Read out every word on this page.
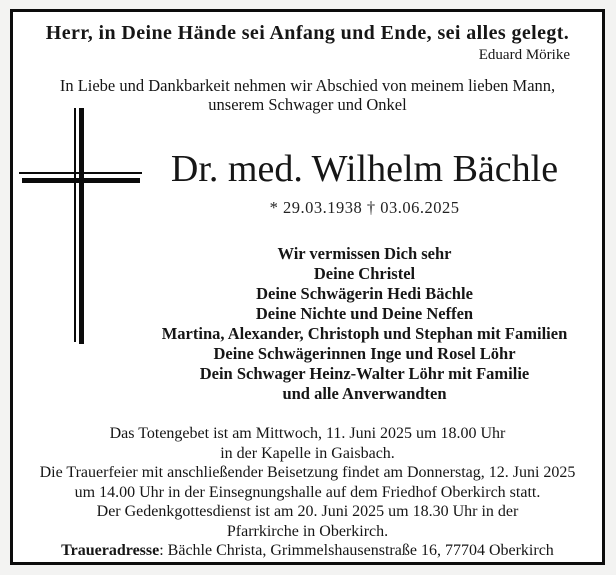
Herr, in Deine Hände sei Anfang und Ende, sei alles gelegt.
Eduard Mörike
In Liebe und Dankbarkeit nehmen wir Abschied von meinem lieben Mann,
unserem Schwager und Onkel
Dr. med. Wilhelm Bächle
* 29.03.1938 † 03.06.2025
Wir vermissen Dich sehr
Deine Christel
Deine Schwägerin Hedi Bächle
Deine Nichte und Deine Neffen
Martina, Alexander, Christoph und Stephan mit Familien
Deine Schwägerinnen Inge und Rosel Löhr
Dein Schwager Heinz-Walter Löhr mit Familie
und alle Anverwandten
Das Totengebet ist am Mittwoch, 11. Juni 2025 um 18.00 Uhr
in der Kapelle in Gaisbach.
Die Trauerfeier mit anschließender Beisetzung findet am Donnerstag, 12. Juni 2025
um 14.00 Uhr in der Einsegnungshalle auf dem Friedhof Oberkirch statt.
Der Gedenkgottesdienst ist am 20. Juni 2025 um 18.30 Uhr in der
Pfarrkirche in Oberkirch.
Traueradresse: Bächle Christa, Grimmelshausenstraße 16, 77704 Oberkirch
